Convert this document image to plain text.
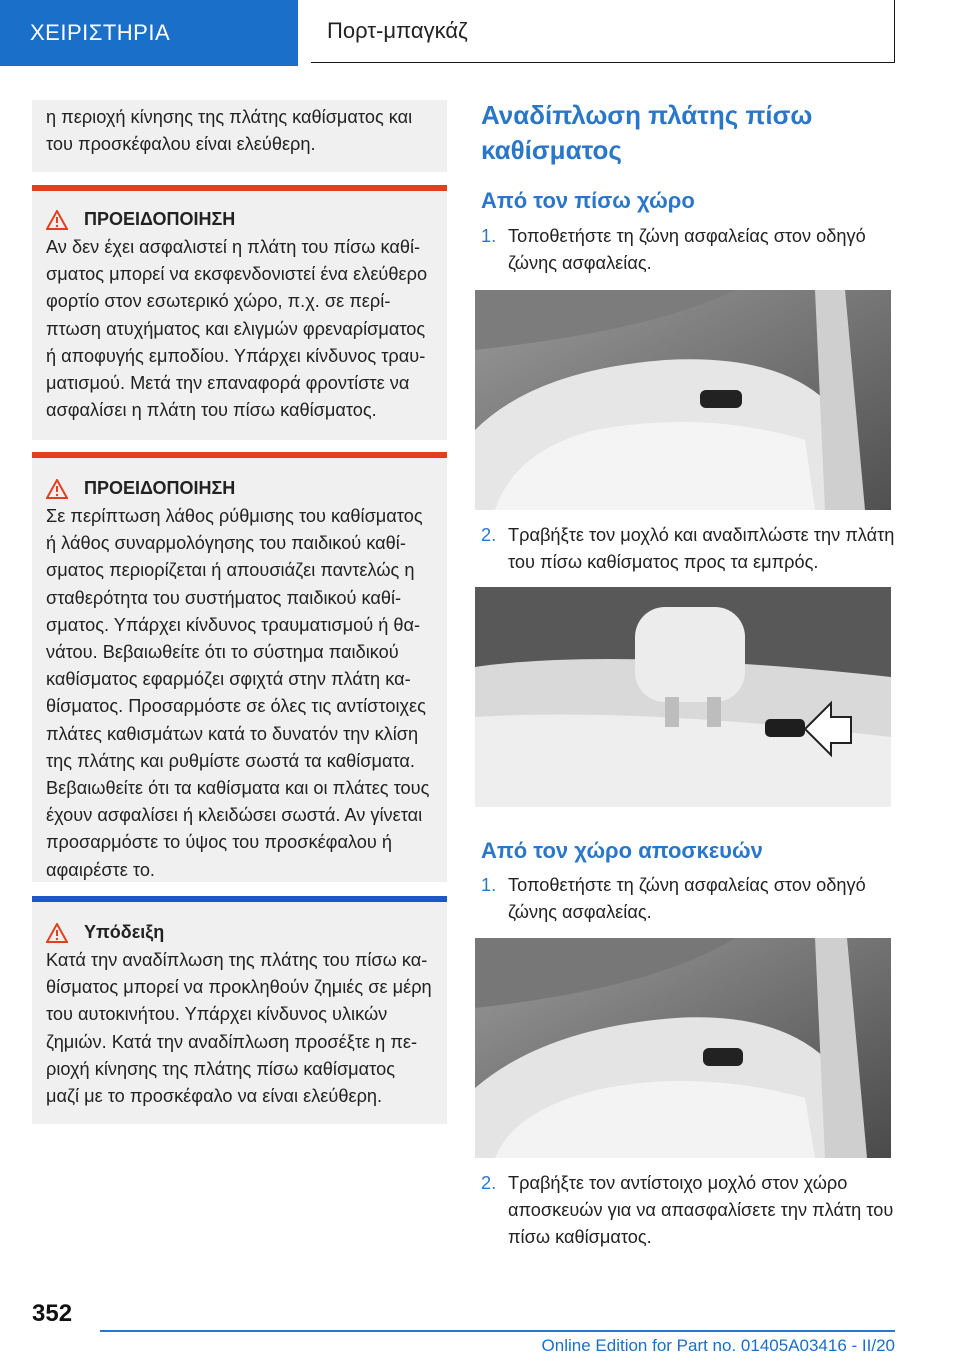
ΧΕΙΡΙΣΤΗΡΙΑ	Πορτ-μπαγκάζ

η περιοχή κίνησης της πλάτης καθίσματος και του προσκέφαλου είναι ελεύθερη.

ΠΡΟΕΙΔΟΠΟΙΗΣΗ

Αν δεν έχει ασφαλιστεί η πλάτη του πίσω καθίσματος μπορεί να εκσφενδονιστεί ένα ελεύθερο φορτίο στον εσωτερικό χώρο, π.χ. σε περίπτωση ατυχήματος και ελιγμών φρεναρίσματος ή αποφυγής εμποδίου. Υπάρχει κίνδυνος τραυματισμού. Μετά την επαναφορά φροντίστε να ασφαλίσει η πλάτη του πίσω καθίσματος.

ΠΡΟΕΙΔΟΠΟΙΗΣΗ

Σε περίπτωση λάθος ρύθμισης του καθίσματος ή λάθος συναρμολόγησης του παιδικού καθίσματος περιορίζεται ή απουσιάζει παντελώς η σταθερότητα του συστήματος παιδικού καθίσματος. Υπάρχει κίνδυνος τραυματισμού ή θανάτου. Βεβαιωθείτε ότι το σύστημα παιδικού καθίσματος εφαρμόζει σφιχτά στην πλάτη καθίσματος. Προσαρμόστε σε όλες τις αντίστοιχες πλάτες καθισμάτων κατά το δυνατόν την κλίση της πλάτης και ρυθμίστε σωστά τα καθίσματα. Βεβαιωθείτε ότι τα καθίσματα και οι πλάτες τους έχουν ασφαλίσει ή κλειδώσει σωστά. Αν γίνεται προσαρμόστε το ύψος του προσκέφαλου ή αφαιρέστε το.

Υπόδειξη

Κατά την αναδίπλωση της πλάτης του πίσω καθίσματος μπορεί να προκληθούν ζημιές σε μέρη του αυτοκινήτου. Υπάρχει κίνδυνος υλικών ζημιών. Κατά την αναδίπλωση προσέξτε η περιοχή κίνησης της πλάτης πίσω καθίσματος μαζί με το προσκέφαλο να είναι ελεύθερη.

Αναδίπλωση πλάτης πίσω καθίσματος
Από τον πίσω χώρο
1. Τοποθετήστε τη ζώνη ασφαλείας στον οδηγό ζώνης ασφαλείας.
2. Τραβήξτε τον μοχλό και αναδιπλώστε την πλάτη του πίσω καθίσματος προς τα εμπρός.
Από τον χώρο αποσκευών
1. Τοποθετήστε τη ζώνη ασφαλείας στον οδηγό ζώνης ασφαλείας.
2. Τραβήξτε τον αντίστοιχο μοχλό στον χώρο αποσκευών για να απασφαλίσετε την πλάτη του πίσω καθίσματος.
352
Online Edition for Part no. 01405A03416 - II/20
